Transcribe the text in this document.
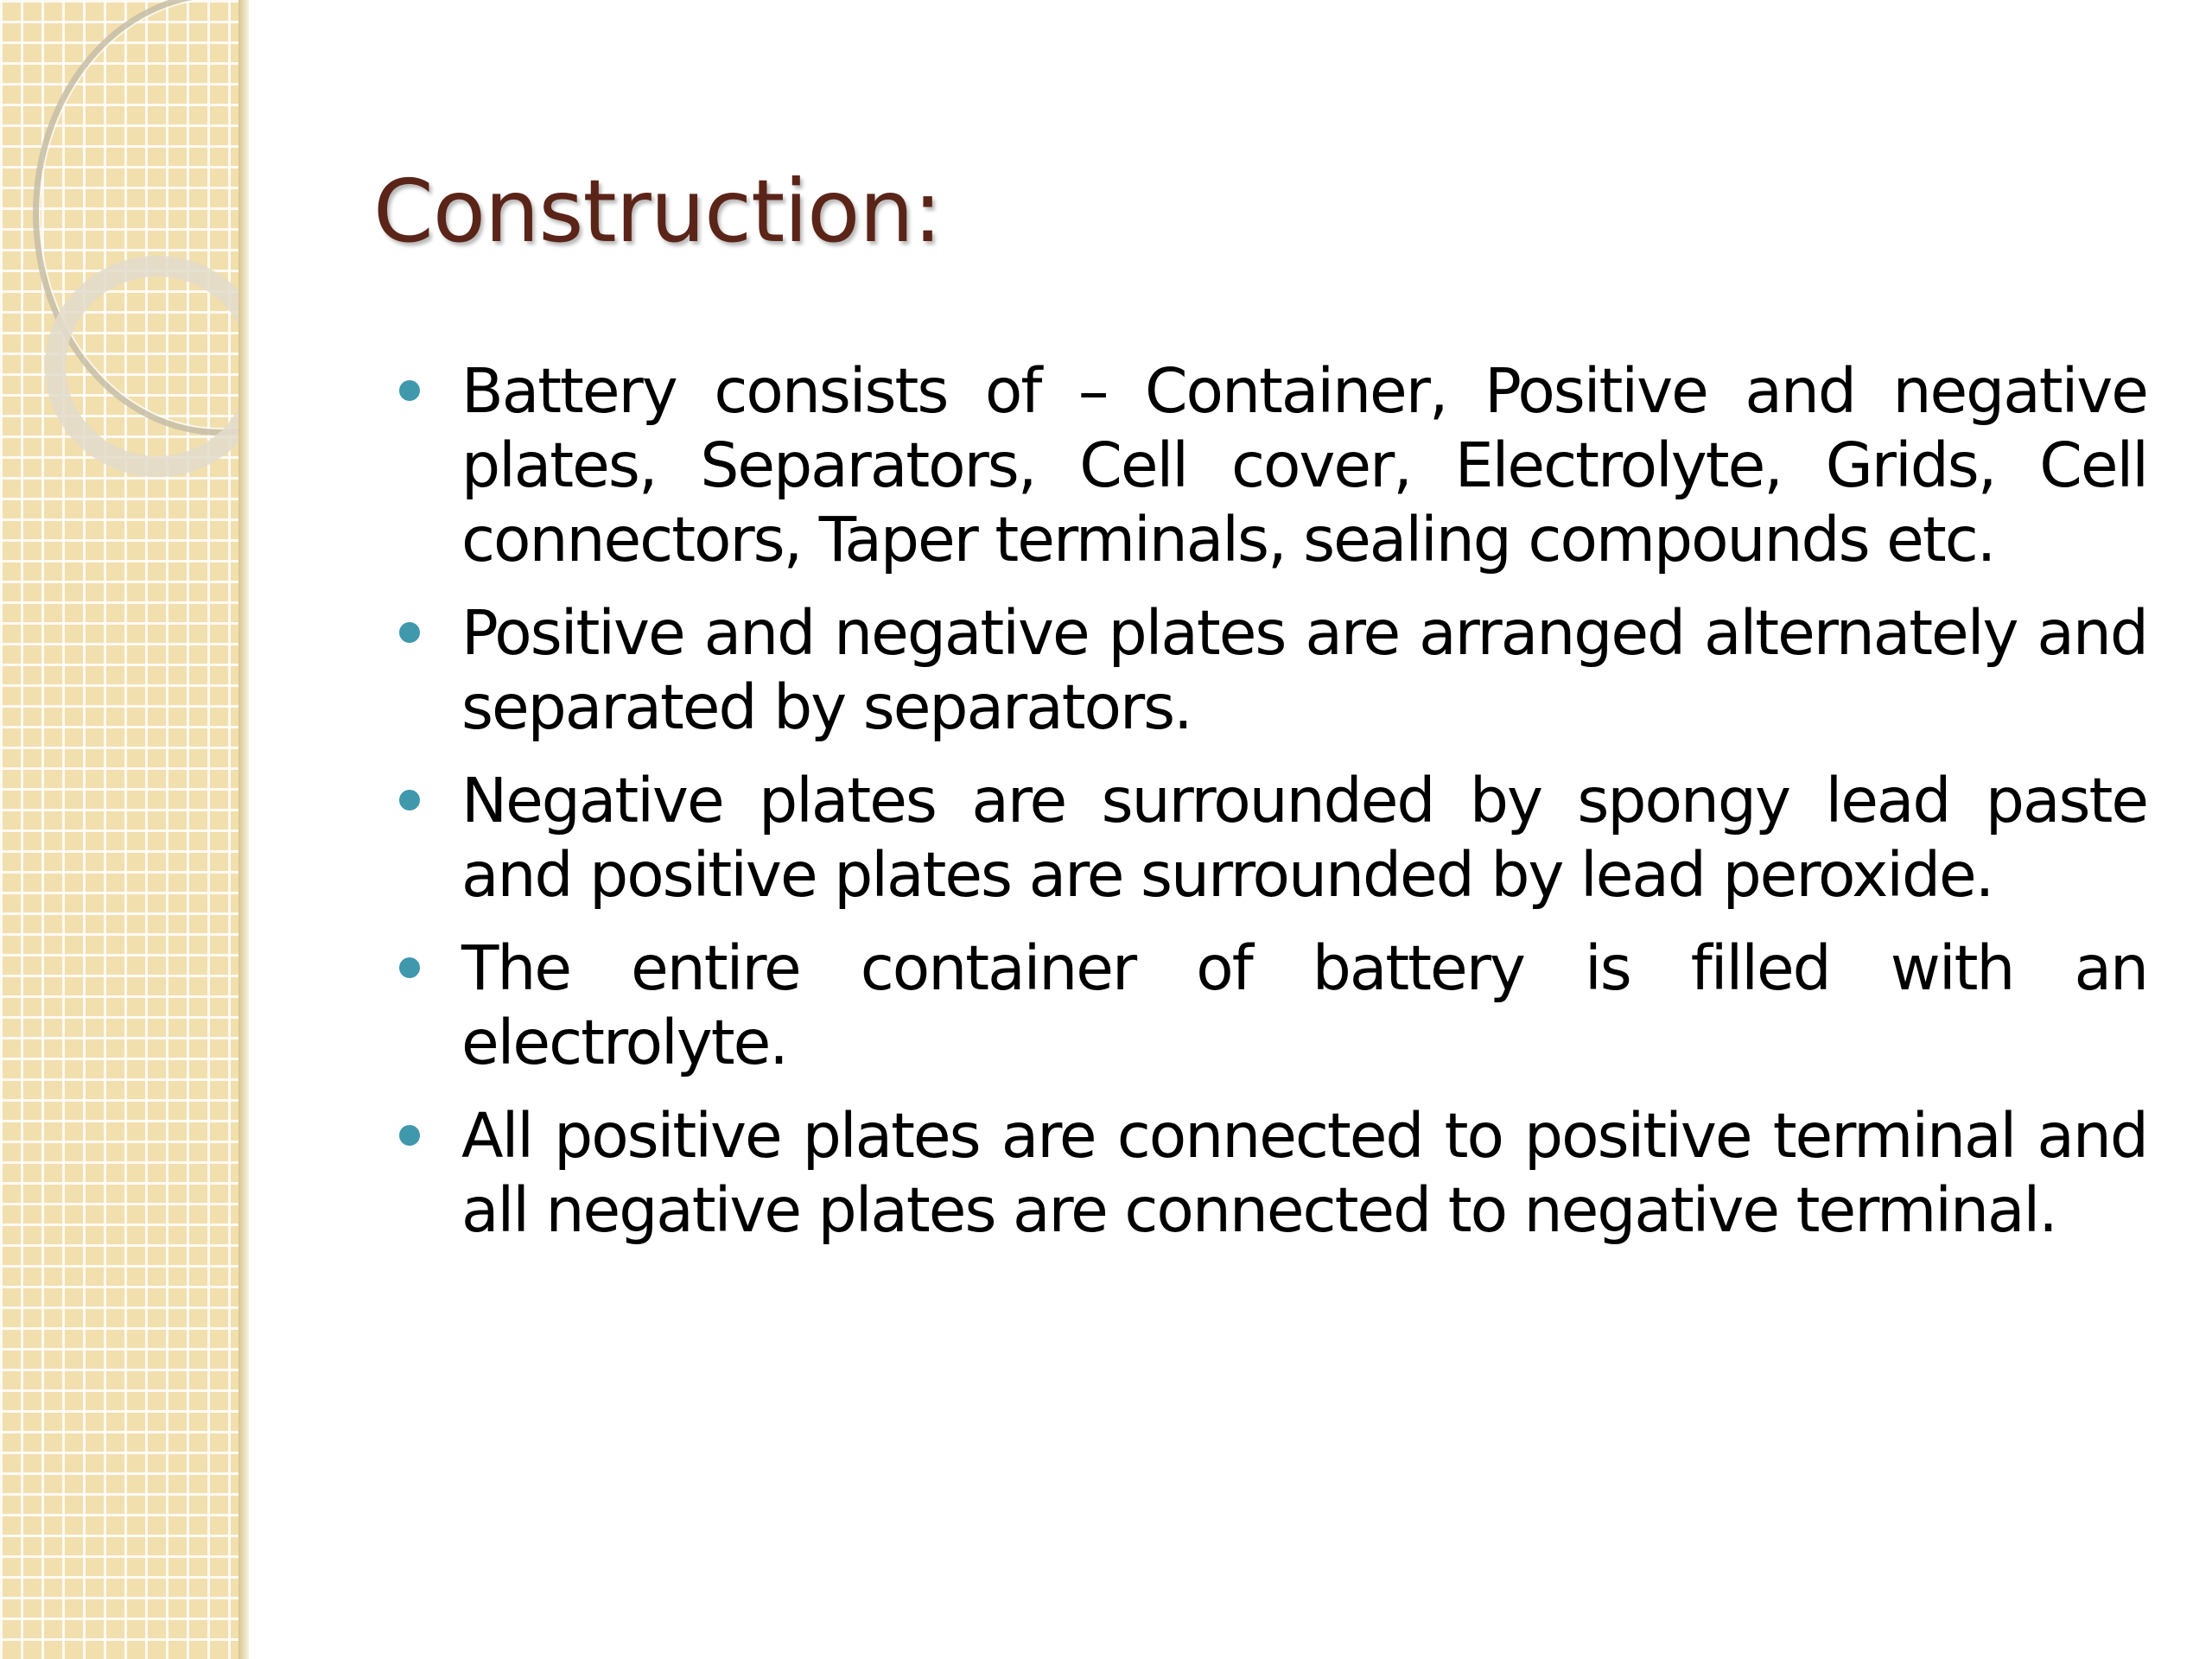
Construction:
Battery consists of – Container, Positive and negative plates, Separators, Cell cover, Electrolyte, Grids, Cell connectors, Taper terminals, sealing compounds etc.
Positive and negative plates are arranged alternately and separated by separators.
Negative plates are surrounded by spongy lead paste and positive plates are surrounded by lead peroxide.
The entire container of battery is filled with an electrolyte.
All positive plates are connected to positive terminal and all negative plates are connected to negative terminal.
